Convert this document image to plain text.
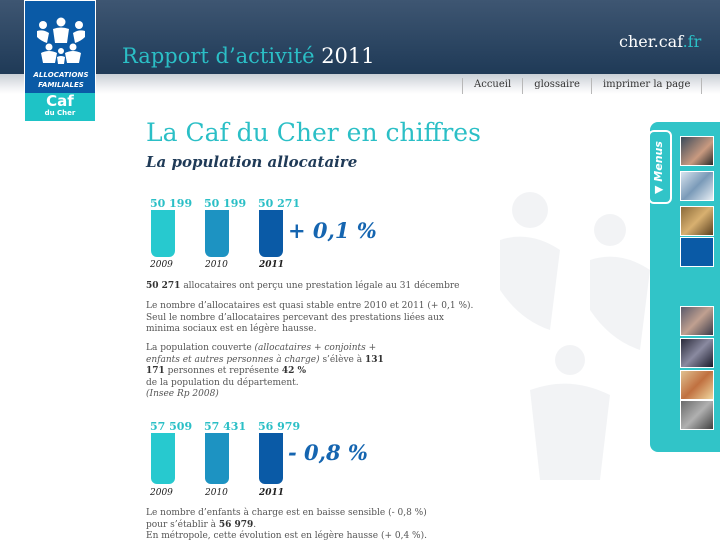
Rapport d’activité 2011
cher.caf.fr
ALLOCATIONS
FAMILIALES
Caf
du Cher
Accueil	glossaire	imprimer la page
La Caf du Cher en chiffres
La population allocataire
50 199 50 199 50 271
2009	2010	2011
+ 0,1 %
50 271 allocataires ont perçu une prestation légale au 31 décembre
Le nombre d’allocataires est quasi stable entre 2010 et 2011 (+ 0,1 %).
Seul le nombre d’allocataires percevant des prestations liées aux
minima sociaux est en légère hausse.
La population couverte (allocataires + conjoints + enfants et autres personnes à charge) s’élève à 131 171 personnes et représente 42 %
de la population du département.
(Insee Rp 2008)
57 509 57 431 56 979
2009	2010	2011
- 0,8 %
Le nombre d’enfants à charge est en baisse sensible (- 0,8 %)
pour s’établir à 56 979.
En métropole, cette évolution est en légère hausse (+ 0,4 %).
▼ Menus
